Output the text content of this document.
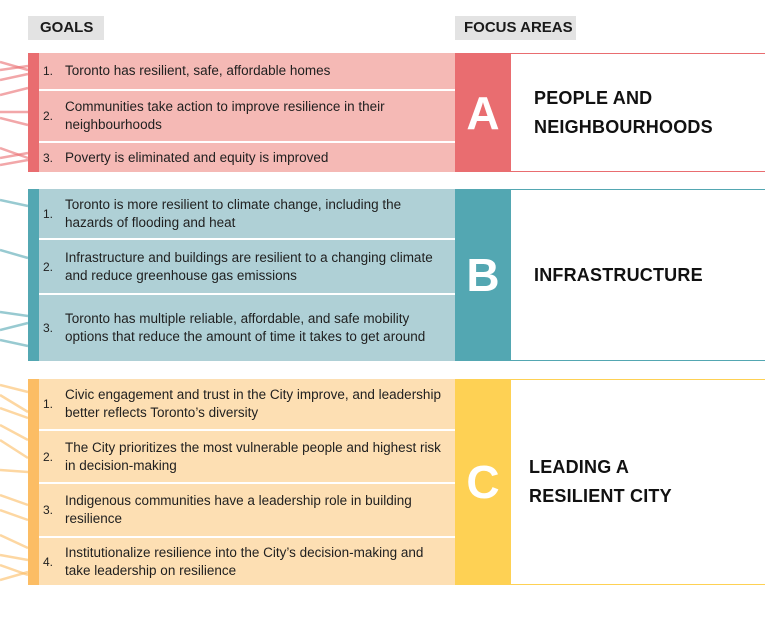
GOALS	FOCUS AREAS
1. Toronto has resilient, safe, affordable homes
2.
Communities take action to improve resilience in their neighbourhoods
3. Poverty is eliminated and equity is improved
A	PEOPLE AND NEIGHBOURHOODS
1.
Toronto is more resilient to climate change, including the hazards of flooding and heat
2.
Infrastructure and buildings are resilient to a changing climate and reduce greenhouse gas emissions
3.
Toronto has multiple reliable, affordable, and safe mobility options that reduce the amount of time it takes to get around
B	INFRASTRUCTURE
1.
Civic engagement and trust in the City improve, and leadership better reflects Toronto’s diversity
2.
The City prioritizes the most vulnerable people and highest risk in decision-making
3.
Indigenous communities have a leadership role in building resilience
4.
Institutionalize resilience into the City’s decision-making and take leadership on resilience
C	LEADING A RESILIENT CITY
